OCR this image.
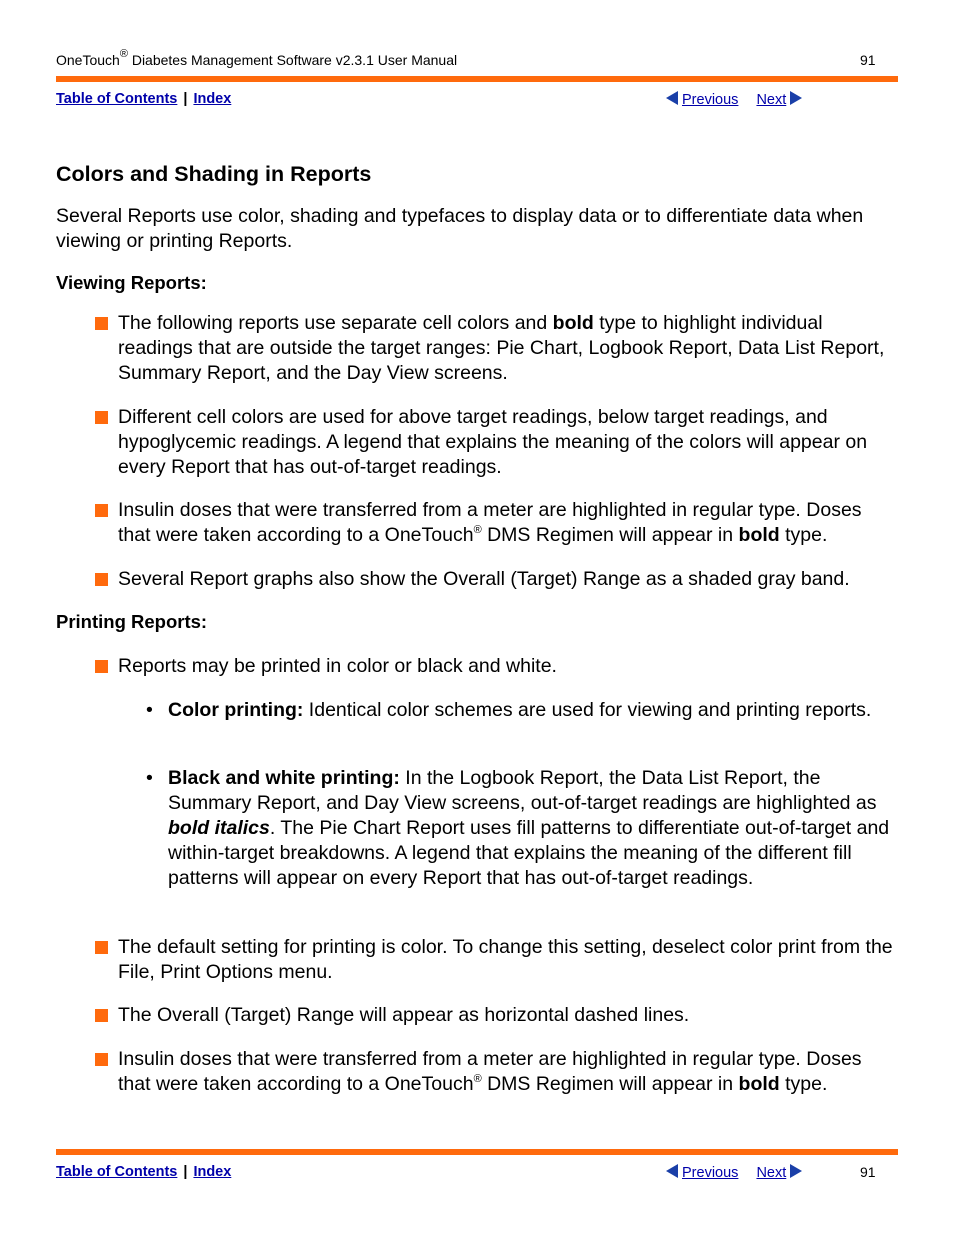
OneTouch® Diabetes Management Software v2.3.1 User Manual	91
Table of Contents | Index	Previous Next
Colors and Shading in Reports

Several Reports use color, shading and typefaces to display data or to differentiate data when viewing or printing Reports.

Viewing Reports:
The following reports use separate cell colors and bold type to highlight individual readings that are outside the target ranges: Pie Chart, Logbook Report, Data List Report, Summary Report, and the Day View screens.
Different cell colors are used for above target readings, below target readings, and hypoglycemic readings. A legend that explains the meaning of the colors will appear on every Report that has out-of-target readings.
Insulin doses that were transferred from a meter are highlighted in regular type. Doses that were taken according to a OneTouch® DMS Regimen will appear in bold type.
Several Report graphs also show the Overall (Target) Range as a shaded gray band.
Printing Reports:
Reports may be printed in color or black and white.
• Color printing: Identical color schemes are used for viewing and printing reports.
• Black and white printing: In the Logbook Report, the Data List Report, the Summary Report, and Day View screens, out-of-target readings are highlighted as bold italics. The Pie Chart Report uses fill patterns to differentiate out-of-target and within-target breakdowns. A legend that explains the meaning of the different fill patterns will appear on every Report that has out-of-target readings.
The default setting for printing is color. To change this setting, deselect color print from the File, Print Options menu.
The Overall (Target) Range will appear as horizontal dashed lines.
Insulin doses that were transferred from a meter are highlighted in regular type. Doses that were taken according to a OneTouch® DMS Regimen will appear in bold type.
Table of Contents | Index	Previous Next	91
